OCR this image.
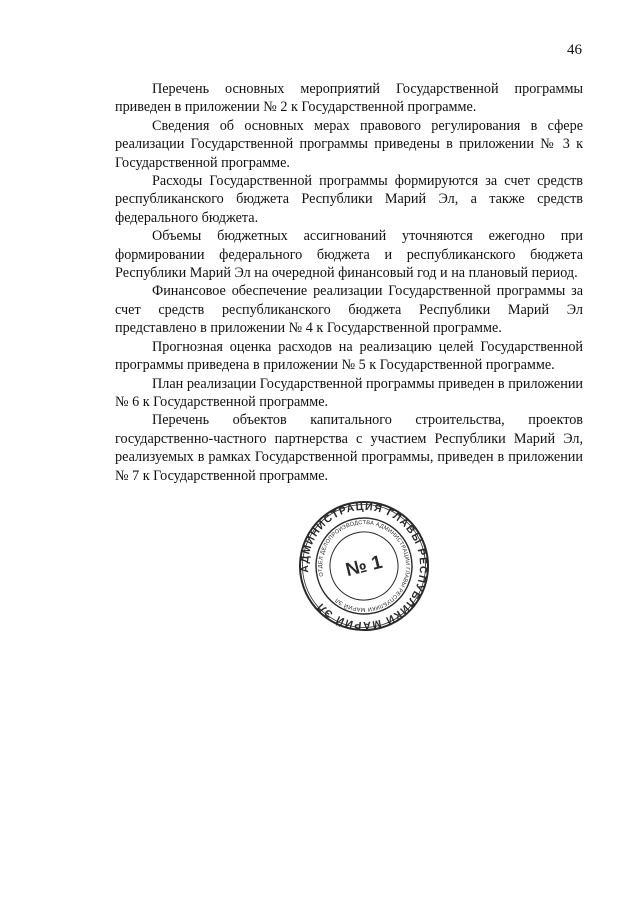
46

Перечень основных мероприятий Государственной программы приведен в приложении № 2 к Государственной программе.

Сведения об основных мерах правового регулирования в сфере реализации Государственной программы приведены в приложении № 3 к Государственной программе.

Расходы Государственной программы формируются за счет средств республиканского бюджета Республики Марий Эл, а также средств федерального бюджета.

Объемы бюджетных ассигнований уточняются ежегодно при формировании федерального бюджета и республиканского бюджета Республики Марий Эл на очередной финансовый год и на плановый период.

Финансовое обеспечение реализации Государственной программы за счет средств республиканского бюджета Республики Марий Эл представлено в приложении № 4 к Государственной программе.

Прогнозная оценка расходов на реализацию целей Государственной программы приведена в приложении № 5 к Государственной программе.

План реализации Государственной программы приведен в приложении № 6 к Государственной программе.

Перечень объектов капитального строительства, проектов государственно-частного партнерства с участием Республики Марий Эл, реализуемых в рамках Государственной программы, приведен в приложении № 7 к Государственной программе.

АДМИНИСТРАЦИЯ ГЛАВЫ РЕСПУБЛИКИ МАРИЙ ЭЛ
ОТДЕЛ ДЕЛОПРОИЗВОДСТВА АДМИНИСТРАЦИИ ГЛАВЫ РЕСПУБЛИКИ МАРИЙ ЭЛ
№ 1
